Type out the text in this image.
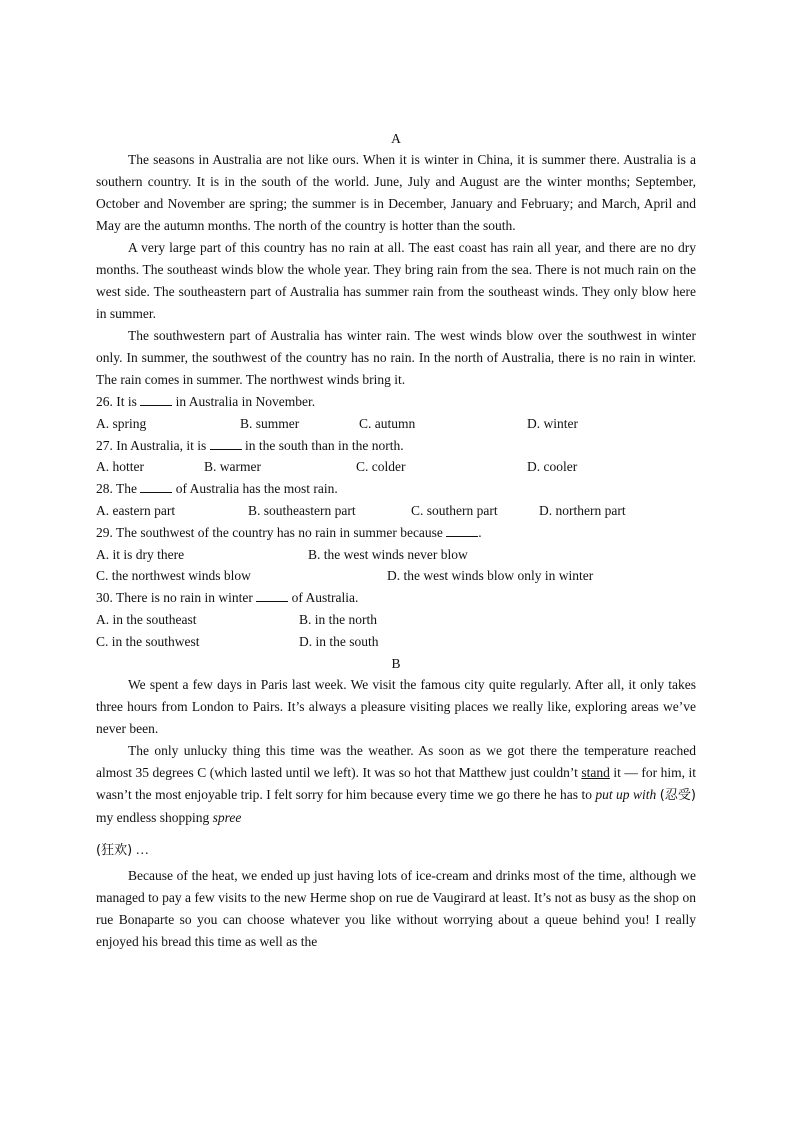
A

The seasons in Australia are not like ours. When it is winter in China, it is summer there. Australia is a southern country. It is in the south of the world. June, July and August are the winter months; September, October and November are spring; the summer is in December, January and February; and March, April and May are the autumn months. The north of the country is hotter than the south.

A very large part of this country has no rain at all. The east coast has rain all year, and there are no dry months. The southeast winds blow the whole year. They bring rain from the sea. There is not much rain on the west side. The southeastern part of Australia has summer rain from the southeast winds. They only blow here in summer.

The southwestern part of Australia has winter rain. The west winds blow over the southwest in winter only. In summer, the southwest of the country has no rain. In the north of Australia, there is no rain in winter. The rain comes in summer. The northwest winds bring it.

26. It is  in Australia in November.
A. spring	B. summer	C. autumn	D. winter
27. In Australia, it is  in the south than in the north.
A. hotter	B. warmer	C. colder	D. cooler
28. The  of Australia has the most rain.
A. eastern part	B. southeastern part	C. southern part	D. northern part
29. The southwest of the country has no rain in summer because .
A. it is dry there	B. the west winds never blow
C. the northwest winds blow	D. the west winds blow only in winter
30. There is no rain in winter  of Australia.
A. in the southeast	B. in the north
C. in the southwest	D. in the south
B

We spent a few days in Paris last week. We visit the famous city quite regularly. After all, it only takes three hours from London to Pairs. It’s always a pleasure visiting places we really like, exploring areas we’ve never been.

The only unlucky thing this time was the weather. As soon as we got there the temperature reached almost 35 degrees C (which lasted until we left). It was so hot that Matthew just couldn’t stand it — for him, it wasn’t the most enjoyable trip. I felt sorry for him because every time we go there he has to put up with (忍受) my endless shopping spree

(狂欢) …

Because of the heat, we ended up just having lots of ice-cream and drinks most of the time, although we managed to pay a few visits to the new Herme shop on rue de Vaugirard at least. It’s not as busy as the shop on rue Bonaparte so you can choose whatever you like without worrying about a queue behind you! I really enjoyed his bread this time as well as the
